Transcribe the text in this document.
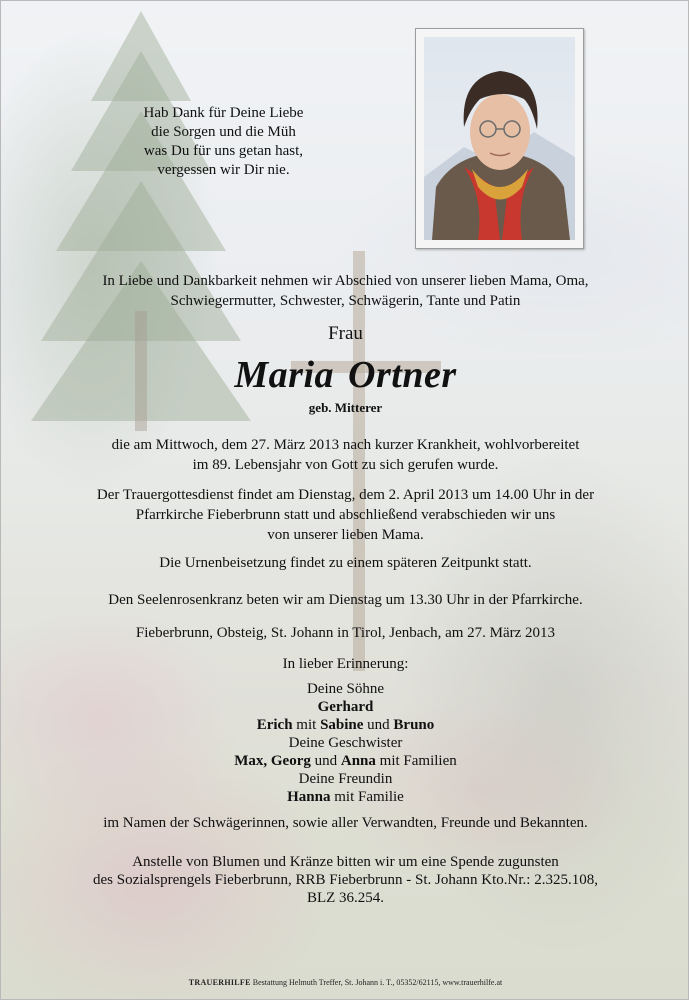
Hab Dank für Deine Liebe
die Sorgen und die Müh
was Du für uns getan hast,
vergessen wir Dir nie.
In Liebe und Dankbarkeit nehmen wir Abschied von unserer lieben Mama, Oma,
Schwiegermutter, Schwester, Schwägerin, Tante und Patin
Frau
Maria Ortner
geb. Mitterer
die am Mittwoch, dem 27. März 2013 nach kurzer Krankheit, wohlvorbereitet
im 89. Lebensjahr von Gott zu sich gerufen wurde.
Der Trauergottesdienst findet am Dienstag, dem 2. April 2013 um 14.00 Uhr in der
Pfarrkirche Fieberbrunn statt und abschließend verabschieden wir uns
von unserer lieben Mama.
Die Urnenbeisetzung findet zu einem späteren Zeitpunkt statt.
Den Seelenrosenkranz beten wir am Dienstag um 13.30 Uhr in der Pfarrkirche.
Fieberbrunn, Obsteig, St. Johann in Tirol, Jenbach, am 27. März 2013
In lieber Erinnerung:
Deine Söhne
Gerhard
Erich mit Sabine und Bruno
Deine Geschwister
Max, Georg und Anna mit Familien
Deine Freundin
Hanna mit Familie
im Namen der Schwägerinnen, sowie aller Verwandten, Freunde und Bekannten.
Anstelle von Blumen und Kränze bitten wir um eine Spende zugunsten
des Sozialsprengels Fieberbrunn, RRB Fieberbrunn - St. Johann Kto.Nr.: 2.325.108,
BLZ 36.254.
TRAUERHILFE Bestattung Helmuth Treffer, St. Johann i. T., 05352/62115, www.trauerhilfe.at
